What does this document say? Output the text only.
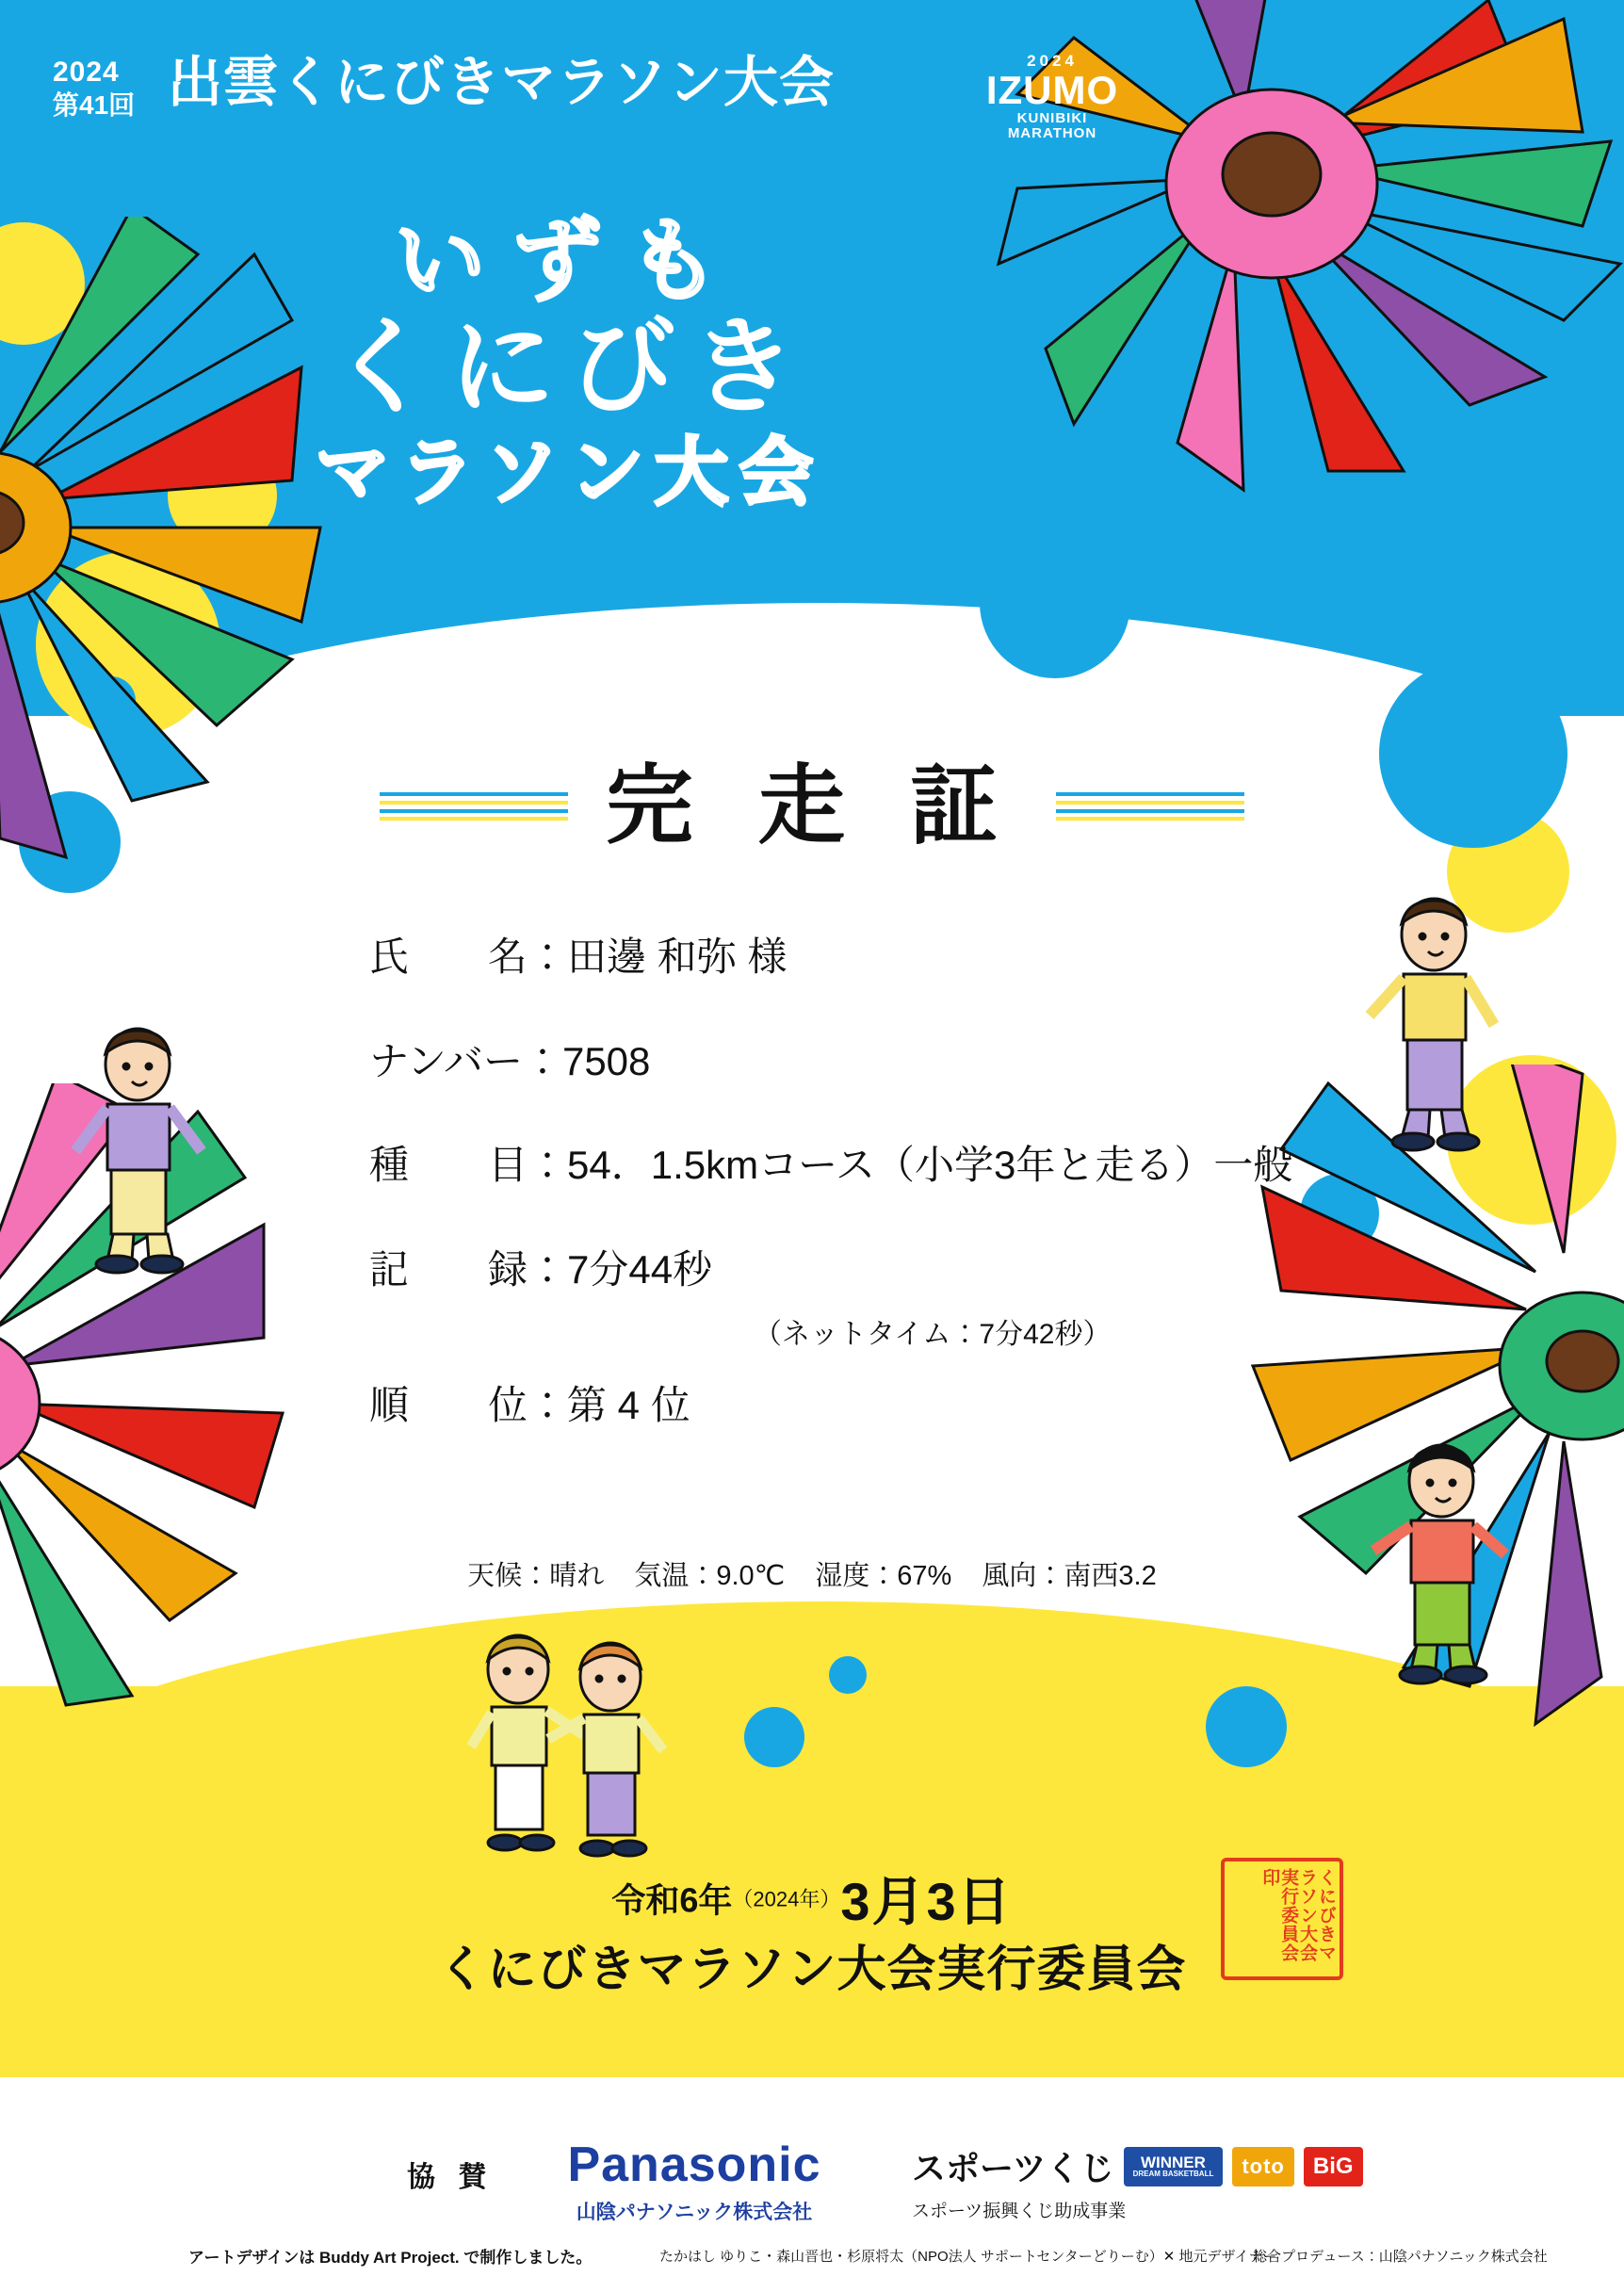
2024
第41回 出雲くにびきマラソン大会	2024
IZUMO
KUNIBIKI
MARATHON
いずも
くにびき
マラソン大会
完 走 証
氏　　名：田邊 和弥 様
ナンバー：7508
種　　目：54．1.5kmコース（小学3年と走る）一般
記　　録：7分44秒
（ネットタイム：7分42秒）
順　　位：第 4 位
天候：晴れ 気温：9.0℃ 湿度：67% 風向：南西3.2
令和6年（2024年）3月3日
くにびきマラソン大会実行委員会
くにびきマラソン大会実行委員会印
協 賛	Panasonic
山陰パナソニック株式会社
スポーツくじ WINNER
DREAM BASKETBALL	toto	BiG
スポーツ振興くじ助成事業
アートデザインは Buddy Art Project. で制作しました。	たかはし ゆりこ・森山晋也・杉原将太（NPO法人 サポートセンターどりーむ）✕ 地元デザイナー
総合プロデュース：山陰パナソニック株式会社
